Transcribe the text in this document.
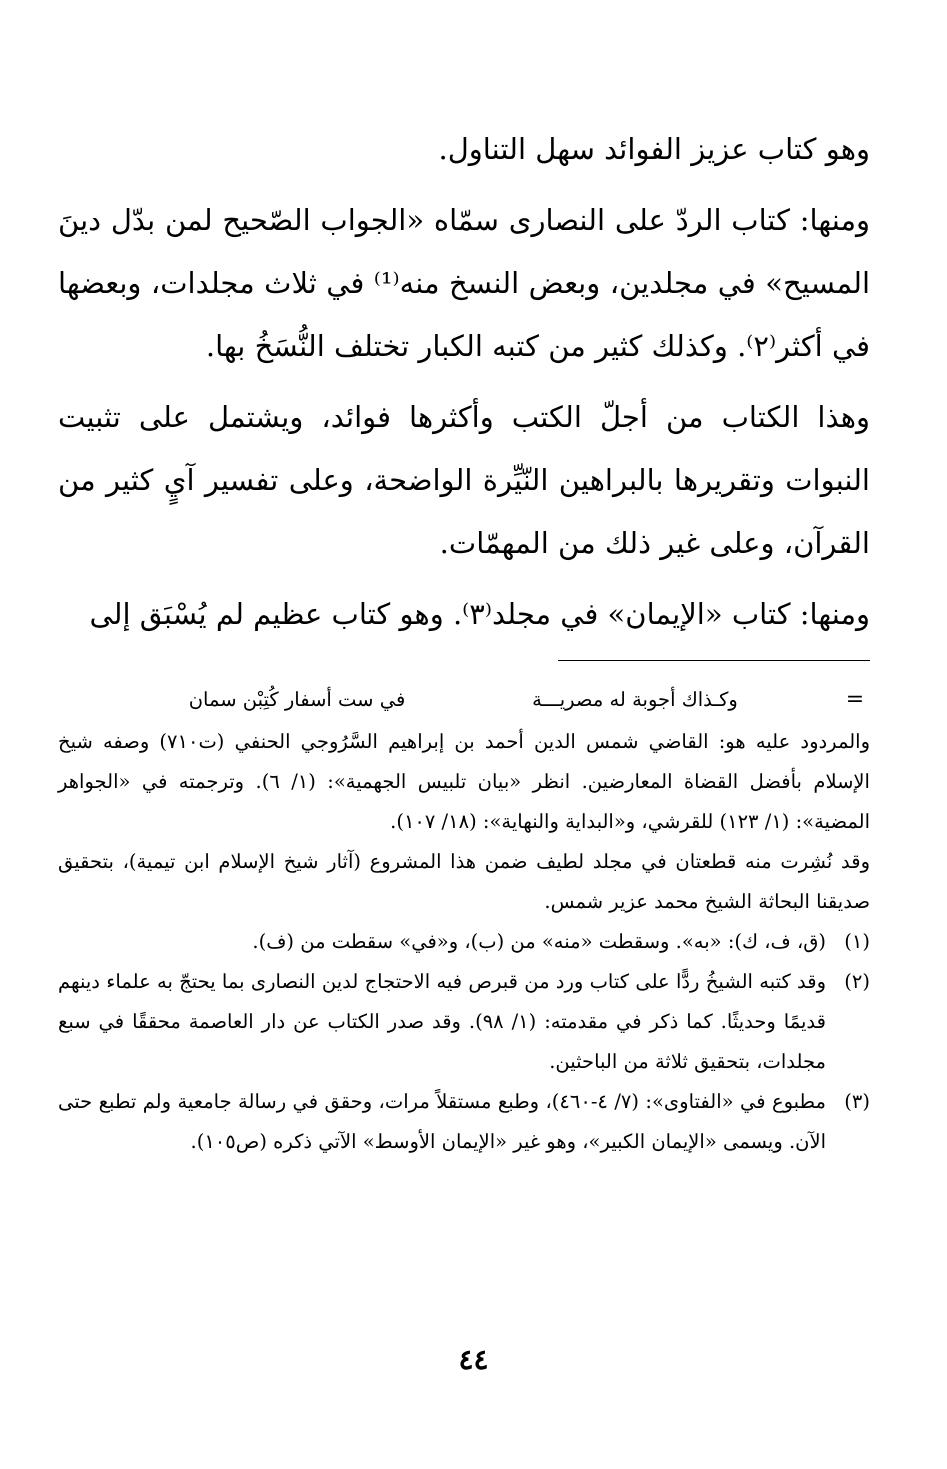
وهو كتاب عزيز الفوائد سهل التناول.

ومنها: كتاب الردّ على النصارى سمّاه «الجواب الصّحيح لمن بدّل دينَ المسيح» في مجلدين، وبعض النسخ منه⁽¹⁾ في ثلاث مجلدات، وبعضها في أكثر⁽٢⁾. وكذلك كثير من كتبه الكبار تختلف النُّسَخُ بها.

وهذا الكتاب من أجلّ الكتب وأكثرها فوائد، ويشتمل على تثبيت النبوات وتقريرها بالبراهين النّيِّرة الواضحة، وعلى تفسير آيٍ كثير من القرآن، وعلى غير ذلك من المهمّات.

ومنها: كتاب «الإيمان» في مجلد⁽٣⁾. وهو كتاب عظيم لم يُسْبَق إلى

=
وكـذاك أجوبة له مصريـــة
في ست أسفار كُتِبْن سمان

والمردود عليه هو: القاضي شمس الدين أحمد بن إبراهيم السَّرُوجي الحنفي (ت٧١٠) وصفه شيخ الإسلام بأفضل القضاة المعارضين. انظر «بيان تلبيس الجهمية»: (١/ ٦). وترجمته في «الجواهر المضية»: (١/ ١٢٣) للقرشي، و«البداية والنهاية»: (١٨/ ١٠٧).

وقد نُشِرت منه قطعتان في مجلد لطيف ضمن هذا المشروع (آثار شيخ الإسلام ابن تيمية)، بتحقيق صديقنا البحاثة الشيخ محمد عزير شمس.

(١)
(ق، ف، ك): «به». وسقطت «منه» من (ب)، و«في» سقطت من (ف).
(٢)
وقد كتبه الشيخُ ردًّا على كتاب ورد من قبرص فيه الاحتجاج لدين النصارى بما يحتجّ به علماء دينهم قديمًا وحديثًا. كما ذكر في مقدمته: (١/ ٩٨). وقد صدر الكتاب عن دار العاصمة محققًا في سبع مجلدات، بتحقيق ثلاثة من الباحثين.
(٣)
مطبوع في «الفتاوى»: (٧/ ٤-٤٦٠)، وطبع مستقلاً مرات، وحقق في رسالة جامعية ولم تطبع حتى الآن. ويسمى «الإيمان الكبير»، وهو غير «الإيمان الأوسط» الآتي ذكره (ص١٠٥).
٤٤
